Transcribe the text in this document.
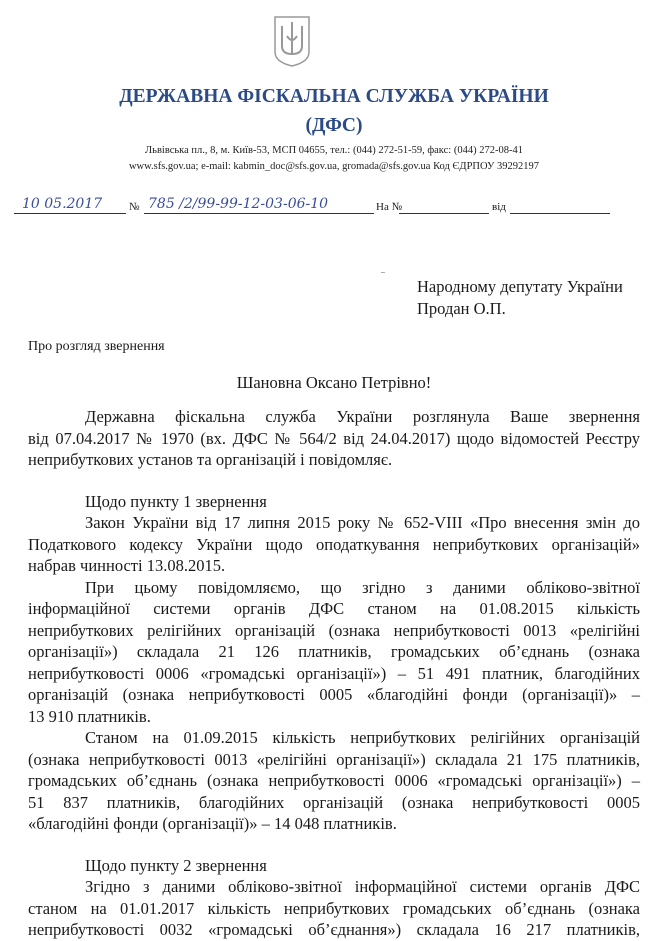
ДЕРЖАВНА ФІСКАЛЬНА СЛУЖБА УКРАЇНИ
(ДФС)
Львівська пл., 8, м. Київ-53, МСП 04655, тел.: (044) 272-51-59, факс: (044) 272-08-41
www.sfs.gov.ua; e-mail: kabmin_doc@sfs.gov.ua, gromada@sfs.gov.ua Код ЄДРПОУ 39292197
10 05.2017 № 785 /2/99-99-12-03-06-10	На №	від
Народному депутату України
Продан О.П.
Про розгляд звернення
Шановна Оксано Петрівно!
Державна фіскальна служба України розглянула Ваше звернення
від 07.04.2017 № 1970 (вх. ДФС № 564/2 від 24.04.2017) щодо відомостей Реєстру
неприбуткових установ та організацій і повідомляє.
Щодо пункту 1 звернення
Закон України від 17 липня 2015 року № 652-VIII «Про внесення змін до
Податкового кодексу України щодо оподаткування неприбуткових організацій»
набрав чинності 13.08.2015.
При цьому повідомляємо, що згідно з даними обліково-звітної
інформаційної системи органів ДФС станом на 01.08.2015 кількість
неприбуткових релігійних організацій (ознака неприбутковості 0013 «релігійні
організації») складала 21 126 платників, громадських об’єднань (ознака
неприбутковості 0006 «громадські організації») – 51 491 платник, благодійних
організацій (ознака неприбутковості 0005 «благодійні фонди (організації)» –
13 910 платників.
Станом на 01.09.2015 кількість неприбуткових релігійних організацій
(ознака неприбутковості 0013 «релігійні організації») складала 21 175 платників,
громадських об’єднань (ознака неприбутковості 0006 «громадські організації») –
51 837 платників, благодійних організацій (ознака неприбутковості 0005
«благодійні фонди (організації)» – 14 048 платників.
Щодо пункту 2 звернення
Згідно з даними обліково-звітної інформаційної системи органів ДФС
станом на 01.01.2017 кількість неприбуткових громадських об’єднань (ознака
неприбутковості 0032 «громадські об’єднання») складала 16 217 платників,
